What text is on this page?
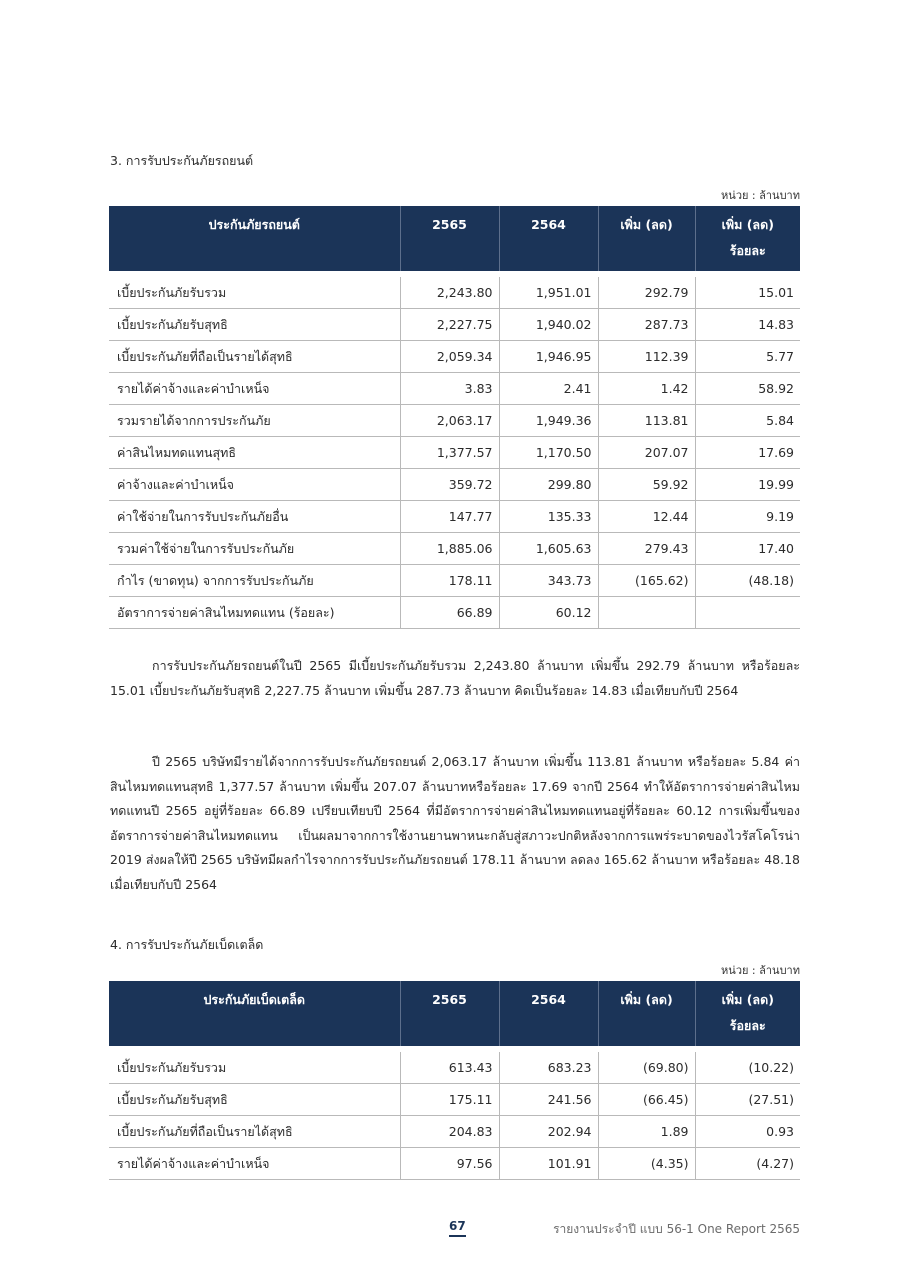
3. การรับประกันภัยรถยนต์
หน่วย : ล้านบาท
ประกันภัยรถยนต์	2565	2564	เพิ่ม (ลด)	เพิ่ม (ลด)
ร้อยละ
เบี้ยประกันภัยรับรวม	2,243.80	1,951.01	292.79	15.01
เบี้ยประกันภัยรับสุทธิ	2,227.75	1,940.02	287.73	14.83
เบี้ยประกันภัยที่ถือเป็นรายได้สุทธิ	2,059.34	1,946.95	112.39	5.77
รายได้ค่าจ้างและค่าบำเหน็จ	3.83	2.41	1.42	58.92
รวมรายได้จากการประกันภัย	2,063.17	1,949.36	113.81	5.84
ค่าสินไหมทดแทนสุทธิ	1,377.57	1,170.50	207.07	17.69
ค่าจ้างและค่าบำเหน็จ	359.72	299.80	59.92	19.99
ค่าใช้จ่ายในการรับประกันภัยอื่น	147.77	135.33	12.44	9.19
รวมค่าใช้จ่ายในการรับประกันภัย	1,885.06	1,605.63	279.43	17.40
กำไร (ขาดทุน) จากการรับประกันภัย	178.11	343.73	(165.62)	(48.18)
อัตราการจ่ายค่าสินไหมทดแทน (ร้อยละ)	66.89	60.12		

การรับประกันภัยรถยนต์ในปี 2565 มีเบี้ยประกันภัยรับรวม 2,243.80 ล้านบาท เพิ่มขึ้น 292.79 ล้านบาท หรือร้อยละ 15.01 เบี้ยประกันภัยรับสุทธิ 2,227.75 ล้านบาท เพิ่มขึ้น 287.73 ล้านบาท คิดเป็นร้อยละ 14.83 เมื่อเทียบกับปี 2564

ปี 2565 บริษัทมีรายได้จากการรับประกันภัยรถยนต์ 2,063.17 ล้านบาท เพิ่มขึ้น 113.81 ล้านบาท หรือร้อยละ 5.84 ค่าสินไหมทดแทนสุทธิ 1,377.57 ล้านบาท เพิ่มขึ้น 207.07 ล้านบาทหรือร้อยละ 17.69 จากปี 2564 ทำให้อัตราการจ่ายค่าสินไหมทดแทนปี 2565 อยู่ที่ร้อยละ 66.89 เปรียบเทียบปี 2564 ที่มีอัตราการจ่ายค่าสินไหมทดแทนอยู่ที่ร้อยละ 60.12 การเพิ่มขึ้นของอัตราการจ่ายค่าสินไหมทดแทน เป็นผลมาจากการใช้งานยานพาหนะกลับสู่สภาวะปกติหลังจากการแพร่ระบาดของไวรัสโคโรน่า 2019 ส่งผลให้ปี 2565 บริษัทมีผลกำไรจากการรับประกันภัยรถยนต์ 178.11 ล้านบาท ลดลง 165.62 ล้านบาท หรือร้อยละ 48.18 เมื่อเทียบกับปี 2564

4. การรับประกันภัยเบ็ดเตล็ด
หน่วย : ล้านบาท
ประกันภัยเบ็ดเตล็ด	2565	2564	เพิ่ม (ลด)	เพิ่ม (ลด)
ร้อยละ
เบี้ยประกันภัยรับรวม	613.43	683.23	(69.80)	(10.22)
เบี้ยประกันภัยรับสุทธิ	175.11	241.56	(66.45)	(27.51)
เบี้ยประกันภัยที่ถือเป็นรายได้สุทธิ	204.83	202.94	1.89	0.93
รายได้ค่าจ้างและค่าบำเหน็จ	97.56	101.91	(4.35)	(4.27)
67	รายงานประจำปี แบบ 56-1 One Report 2565
